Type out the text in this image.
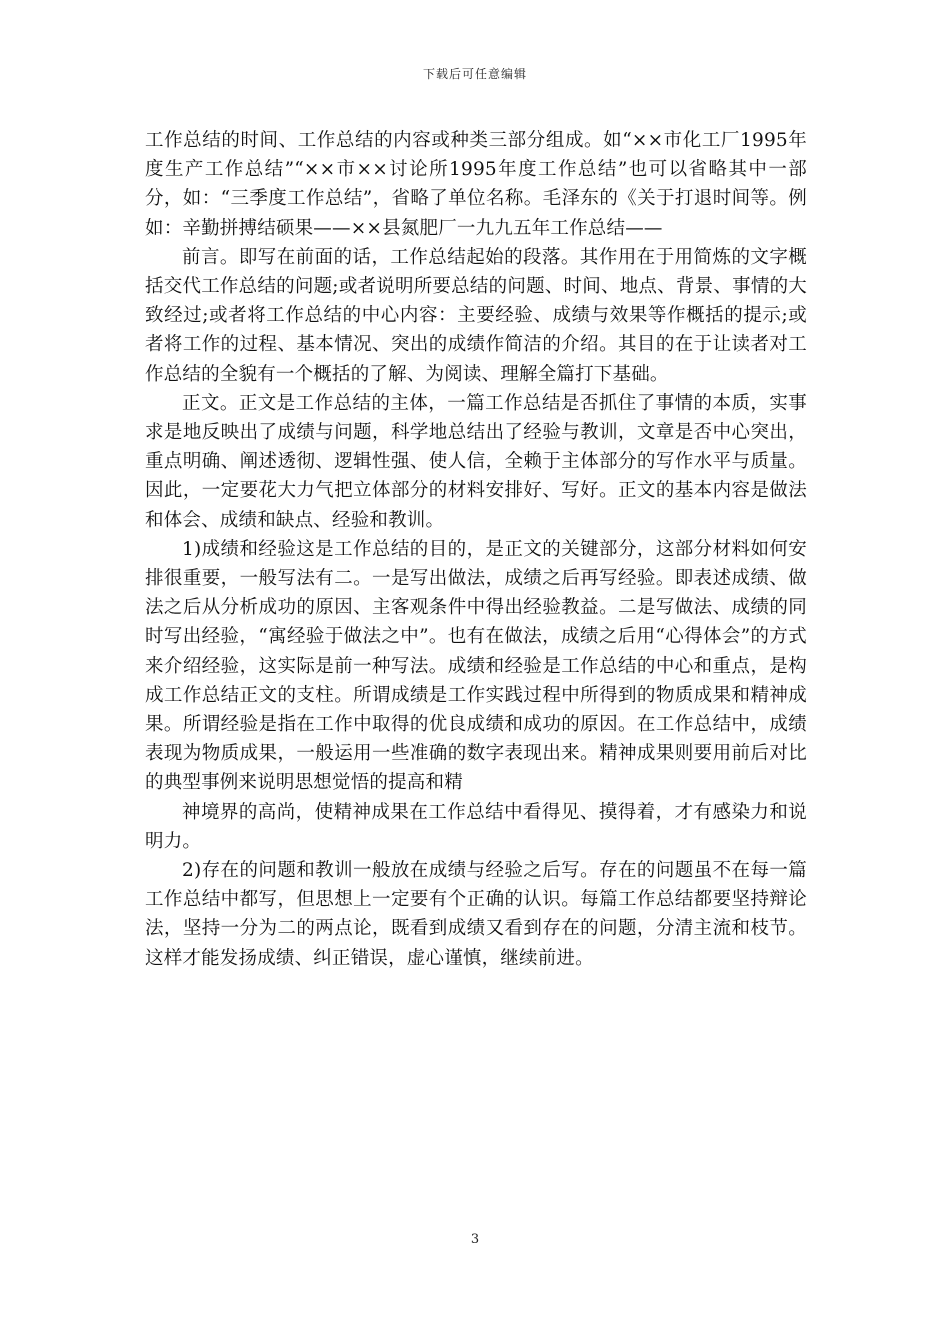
下载后可任意编辑

工作总结的时间、工作总结的内容或种类三部分组成。如“××市化工厂1995年度生产工作总结”“××市××讨论所1995年度工作总结”也可以省略其中一部分，如：“三季度工作总结”，省略了单位名称。毛泽东的《关于打退时间等。例如：辛勤拼搏结硕果——××县氮肥厂一九九五年工作总结——

前言。即写在前面的话，工作总结起始的段落。其作用在于用简炼的文字概括交代工作总结的问题;或者说明所要总结的问题、时间、地点、背景、事情的大致经过;或者将工作总结的中心内容：主要经验、成绩与效果等作概括的提示;或者将工作的过程、基本情况、突出的成绩作简洁的介绍。其目的在于让读者对工作总结的全貌有一个概括的了解、为阅读、理解全篇打下基础。

正文。正文是工作总结的主体，一篇工作总结是否抓住了事情的本质，实事求是地反映出了成绩与问题，科学地总结出了经验与教训，文章是否中心突出，重点明确、阐述透彻、逻辑性强、使人信，全赖于主体部分的写作水平与质量。因此，一定要花大力气把立体部分的材料安排好、写好。正文的基本内容是做法和体会、成绩和缺点、经验和教训。

1)成绩和经验这是工作总结的目的，是正文的关键部分，这部分材料如何安排很重要，一般写法有二。一是写出做法，成绩之后再写经验。即表述成绩、做法之后从分析成功的原因、主客观条件中得出经验教益。二是写做法、成绩的同时写出经验，“寓经验于做法之中”。也有在做法，成绩之后用“心得体会”的方式来介绍经验，这实际是前一种写法。成绩和经验是工作总结的中心和重点，是构成工作总结正文的支柱。所谓成绩是工作实践过程中所得到的物质成果和精神成果。所谓经验是指在工作中取得的优良成绩和成功的原因。在工作总结中，成绩表现为物质成果，一般运用一些准确的数字表现出来。精神成果则要用前后对比的典型事例来说明思想觉悟的提高和精

神境界的高尚，使精神成果在工作总结中看得见、摸得着，才有感染力和说明力。

2)存在的问题和教训一般放在成绩与经验之后写。存在的问题虽不在每一篇工作总结中都写，但思想上一定要有个正确的认识。每篇工作总结都要坚持辩论法，坚持一分为二的两点论，既看到成绩又看到存在的问题，分清主流和枝节。这样才能发扬成绩、纠正错误，虚心谨慎，继续前进。

3
